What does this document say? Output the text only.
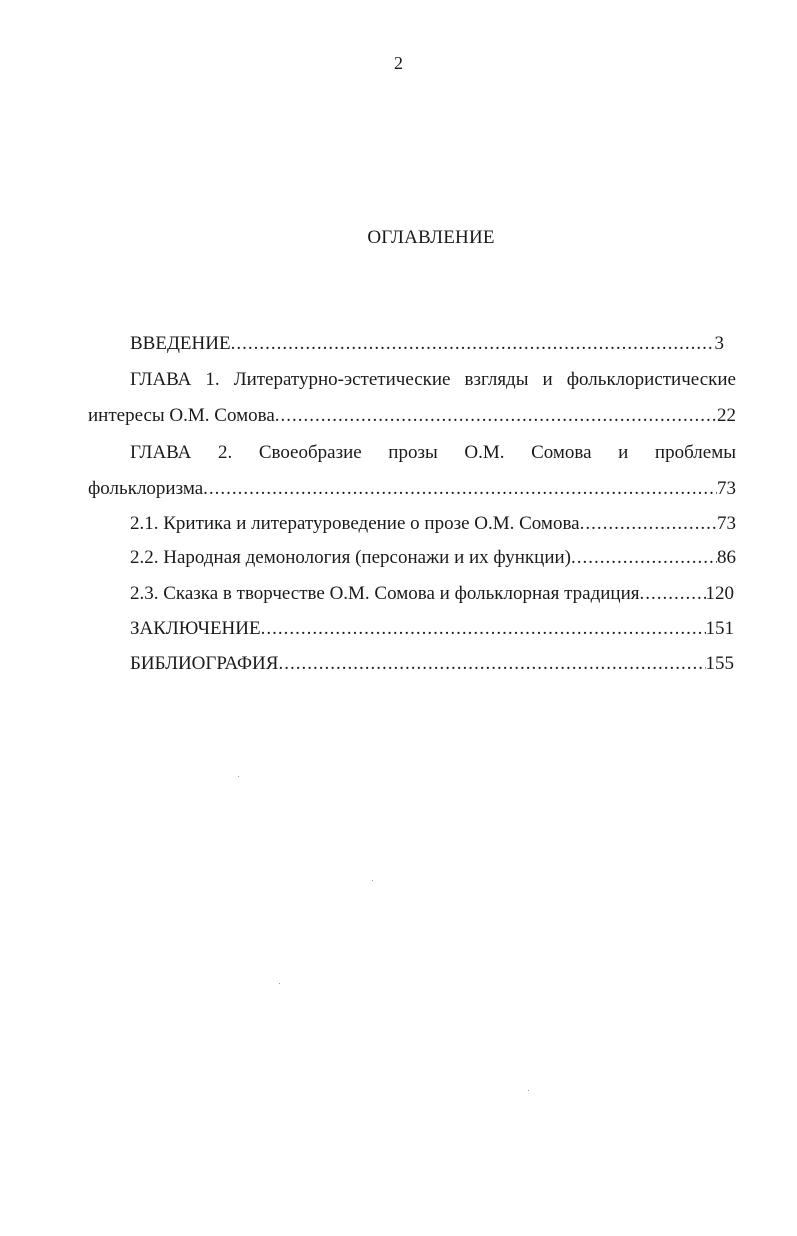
2
ОГЛАВЛЕНИЕ
ВВЕДЕНИЕ .....	3
ГЛАВА 1. Литературно-эстетические взгляды и фольклористические
интересы О.М. Сомова .....	22
ГЛАВА 2. Своеобразие прозы О.М. Сомова и проблемы
фольклоризма .....	73
2.1. Критика и литературоведение о прозе О.М. Сомова .....	73
2.2. Народная демонология (персонажи и их функции) .....	86
2.3. Сказка в творчестве О.М. Сомова и фольклорная традиция .....	120
ЗАКЛЮЧЕНИЕ .....	151
БИБЛИОГРАФИЯ .....	155
